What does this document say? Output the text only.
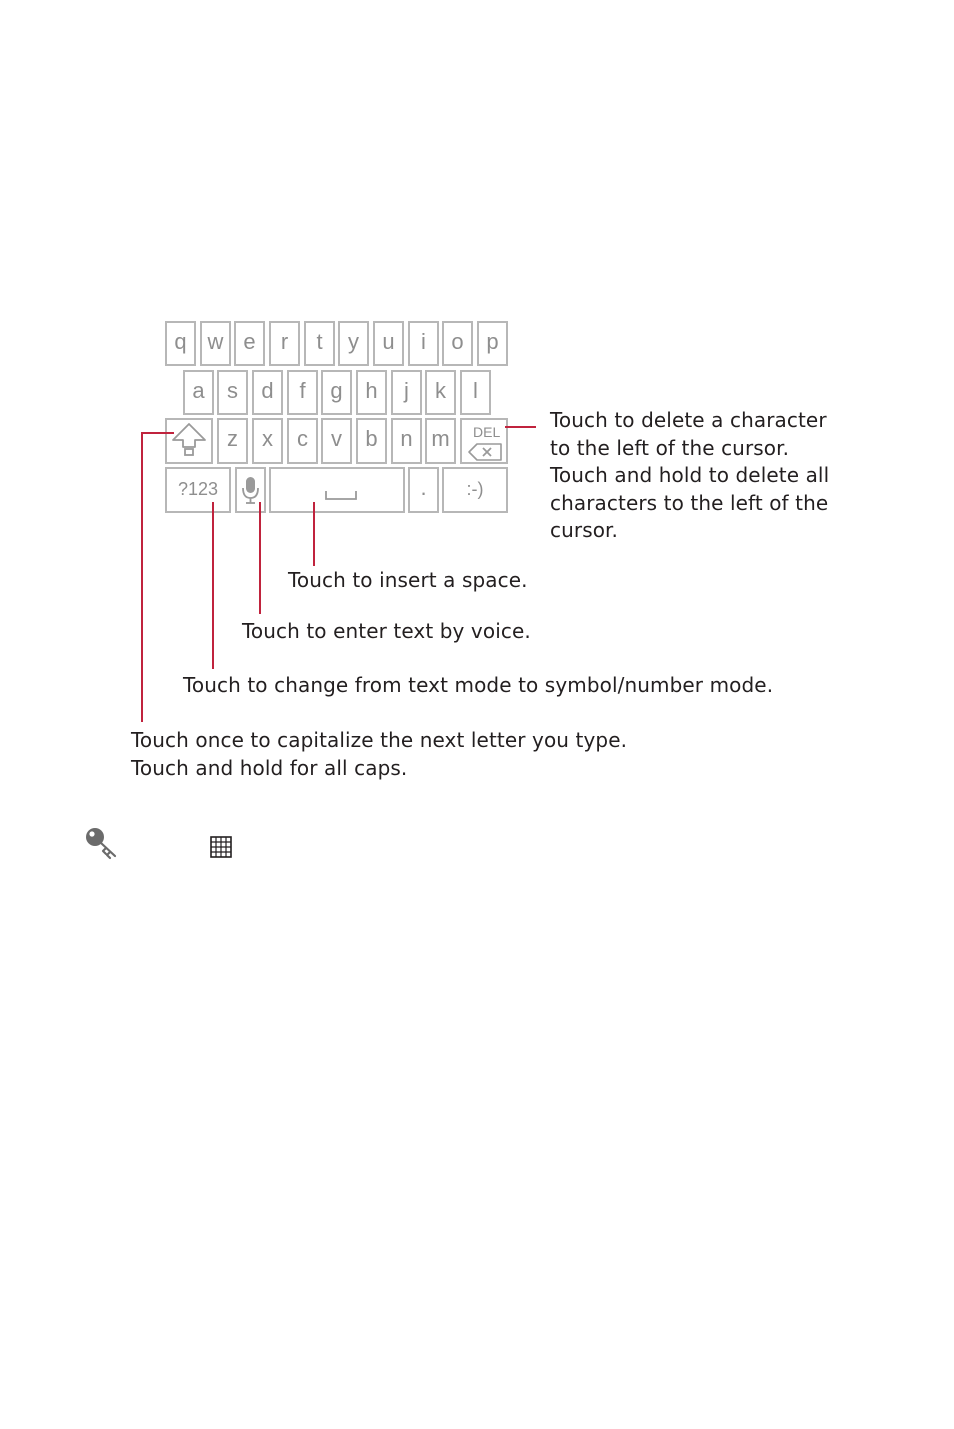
q w e	r	t	y	u	i	o	p
a	s	d	f	g	h	j	k	l
z	x	c	v	b	n m	DEL
?123	.	:-)
Touch to delete a character
to the left of the cursor.
Touch and hold to delete all
characters to the left of the
cursor.
Touch to insert a space.
Touch to enter text by voice.
Touch to change from text mode to symbol/number mode.
Touch once to capitalize the next letter you type.
Touch and hold for all caps.
